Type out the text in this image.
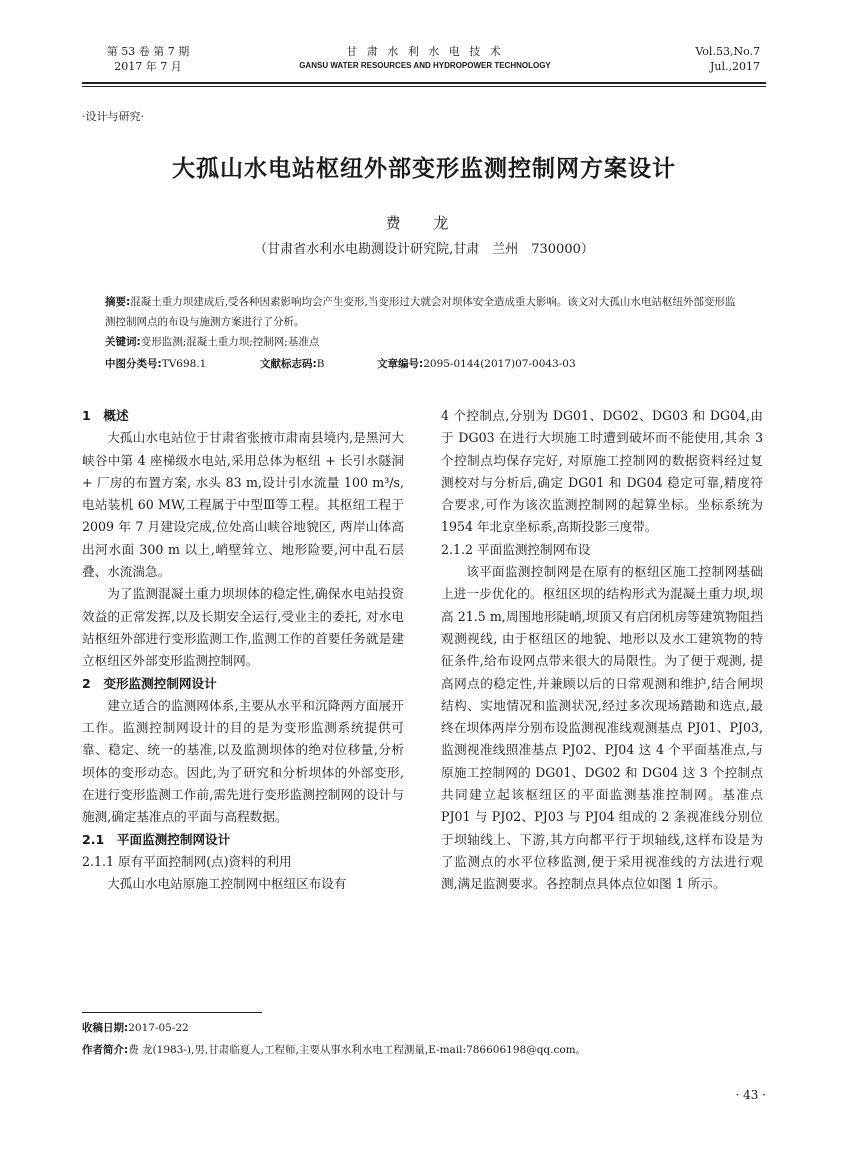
第 53 卷 第 7 期
2017 年 7 月
甘 肃 水 利 水 电 技 术
GANSU WATER RESOURCES AND HYDROPOWER TECHNOLOGY
Vol.53,No.7
Jul.,2017
·设计与研究·
大孤山水电站枢纽外部变形监测控制网方案设计
费 龙
（甘肃省水利水电勘测设计研究院,甘肃　兰州　730000）
摘要:混凝土重力坝建成后,受各种因素影响均会产生变形,当变形过大就会对坝体安全造成重大影响。该文对大孤山水电站枢纽外部变形监测控制网点的布设与施测方案进行了分析。
关键词:变形监测;混凝土重力坝;控制网;基准点
中图分类号:TV698.1	文献标志码:B	文章编号:2095-0144(2017)07-0043-03
1　概述

大孤山水电站位于甘肃省张掖市肃南县境内,是黑河大峡谷中第 4 座梯级水电站,采用总体为枢纽 + 长引水隧洞 + 厂房的布置方案, 水头 83 m,设计引水流量 100 m³/s,电站装机 60 MW,工程属于中型Ⅲ等工程。其枢纽工程于 2009 年 7 月建设完成,位处高山峡谷地貌区, 两岸山体高出河水面 300 m 以上,峭壁耸立、地形险要,河中乱石层叠、水流湍急。

为了监测混凝土重力坝坝体的稳定性,确保水电站投资效益的正常发挥,以及长期安全运行,受业主的委托, 对水电站枢纽外部进行变形监测工作,监测工作的首要任务就是建立枢纽区外部变形监测控制网。

2　变形监测控制网设计

建立适合的监测网体系,主要从水平和沉降两方面展开工作。监测控制网设计的目的是为变形监测系统提供可靠、稳定、统一的基准,以及监测坝体的绝对位移量,分析坝体的变形动态。因此,为了研究和分析坝体的外部变形, 在进行变形监测工作前,需先进行变形监测控制网的设计与施测,确定基准点的平面与高程数据。

2.1　平面监测控制网设计
2.1.1 原有平面控制网(点)资料的利用

大孤山水电站原施工控制网中枢纽区布设有

4 个控制点,分别为 DG01、DG02、DG03 和 DG04,由于 DG03 在进行大坝施工时遭到破坏而不能使用,其余 3 个控制点均保存完好, 对原施工控制网的数据资料经过复测校对与分析后,确定 DG01 和 DG04 稳定可靠,精度符合要求,可作为该次监测控制网的起算坐标。坐标系统为 1954 年北京坐标系,高斯投影三度带。

2.1.2 平面监测控制网布设

该平面监测控制网是在原有的枢纽区施工控制网基础上进一步优化的。枢纽区坝的结构形式为混凝土重力坝,坝高 21.5 m,周围地形陡峭,坝顶又有启闭机房等建筑物阻挡观测视线, 由于枢纽区的地貌、地形以及水工建筑物的特征条件,给布设网点带来很大的局限性。为了便于观测, 提高网点的稳定性,并兼顾以后的日常观测和维护,结合闸坝结构、实地情况和监测状况,经过多次现场踏勘和选点,最终在坝体两岸分别布设监测视准线观测基点 PJ01、PJ03, 监测视准线照准基点 PJ02、PJ04 这 4 个平面基准点,与原施工控制网的 DG01、DG02 和 DG04 这 3 个控制点共同建立起该枢纽区的平面监测基准控制网。基准点 PJ01 与 PJ02、PJ03 与 PJ04 组成的 2 条视准线分别位于坝轴线上、下游,其方向都平行于坝轴线,这样布设是为了监测点的水平位移监测,便于采用视准线的方法进行观测,满足监测要求。各控制点具体点位如图 1 所示。

收稿日期:2017-05-22
作者简介:费 龙(1983-),男,甘肃临夏人,工程师,主要从事水利水电工程测量,E-mail:786606198@qq.com。
· 43 ·
